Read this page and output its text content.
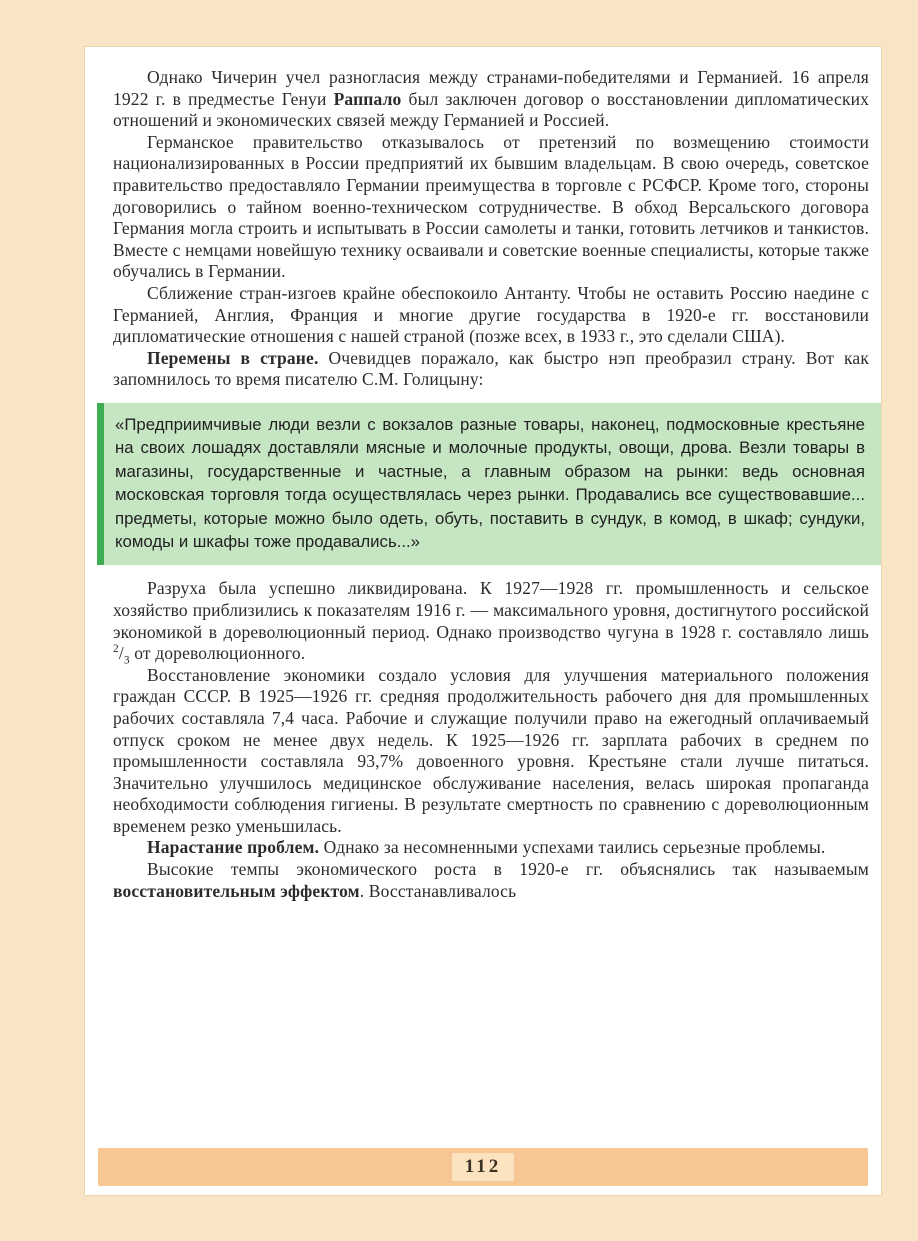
Однако Чичерин учел разногласия между странами-победителями и Германией. 16 апреля 1922 г. в предместье Генуи Раппало был заключен договор о восстановлении дипломатических отношений и экономических связей между Германией и Россией.

Германское правительство отказывалось от претензий по возмещению стоимости национализированных в России предприятий их бывшим владельцам. В свою очередь, советское правительство предоставляло Германии преимущества в торговле с РСФСР. Кроме того, стороны договорились о тайном военно-техническом сотрудничестве. В обход Версальского договора Германия могла строить и испытывать в России самолеты и танки, готовить летчиков и танкистов. Вместе с немцами новейшую технику осваивали и советские военные специалисты, которые также обучались в Германии.

Сближение стран-изгоев крайне обеспокоило Антанту. Чтобы не оставить Россию наедине с Германией, Англия, Франция и многие другие государства в 1920-е гг. восстановили дипломатические отношения с нашей страной (позже всех, в 1933 г., это сделали США).

Перемены в стране. Очевидцев поражало, как быстро нэп преобразил страну. Вот как запомнилось то время писателю С.М. Голицыну:

«Предприимчивые люди везли с вокзалов разные товары, наконец, подмосковные крестьяне на своих лошадях доставляли мясные и молочные продукты, овощи, дрова. Везли товары в магазины, государственные и частные, а главным образом на рынки: ведь основная московская торговля тогда осуществлялась через рынки. Продавались все существовавшие... предметы, которые можно было одеть, обуть, поставить в сундук, в комод, в шкаф; сундуки, комоды и шкафы тоже продавались...»

Разруха была успешно ликвидирована. К 1927—1928 гг. промышленность и сельское хозяйство приблизились к показателям 1916 г. — максимального уровня, достигнутого российской экономикой в дореволюционный период. Однако производство чугуна в 1928 г. составляло лишь $^2/_3$ от дореволюционного.

Восстановление экономики создало условия для улучшения материального положения граждан СССР. В 1925—1926 гг. средняя продолжительность рабочего дня для промышленных рабочих составляла 7,4 часа. Рабочие и служащие получили право на ежегодный оплачиваемый отпуск сроком не менее двух недель. К 1925—1926 гг. зарплата рабочих в среднем по промышленности составляла 93,7% довоенного уровня. Крестьяне стали лучше питаться. Значительно улучшилось медицинское обслуживание населения, велась широкая пропаганда необходимости соблюдения гигиены. В результате смертность по сравнению с дореволюционным временем резко уменьшилась.

Нарастание проблем. Однако за несомненными успехами таились серьезные проблемы.

Высокие темпы экономического роста в 1920-е гг. объяснялись так называемым восстановительным эффектом. Восстанавливалось

112
